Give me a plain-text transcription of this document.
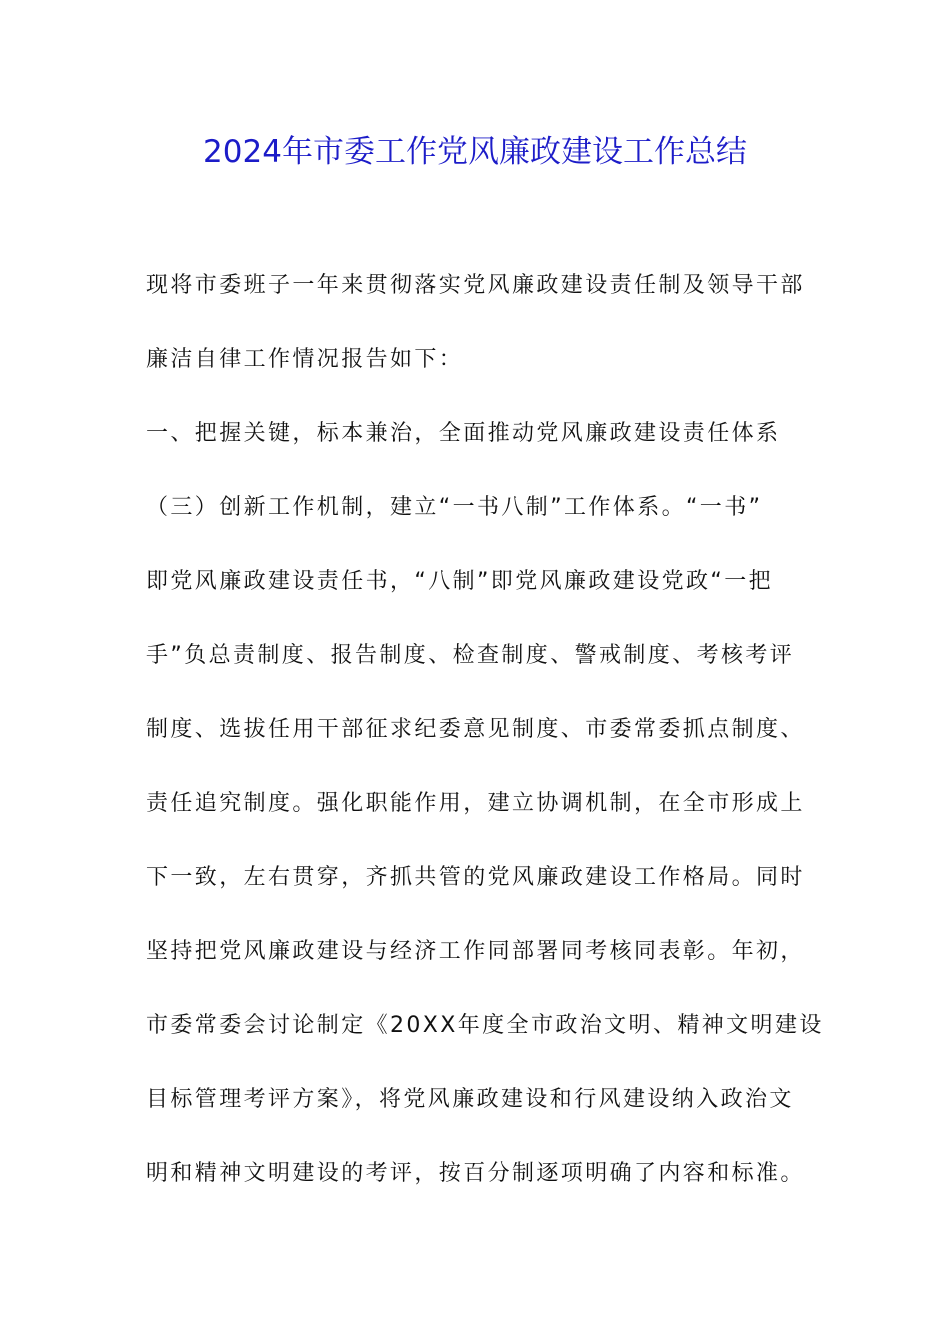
2024年市委工作党风廉政建设工作总结
现将市委班子一年来贯彻落实党风廉政建设责任制及领导干部
廉洁自律工作情况报告如下：
一、把握关键，标本兼治，全面推动党风廉政建设责任体系
（三）创新工作机制，建立“一书八制”工作体系。“一书”
即党风廉政建设责任书，“八制”即党风廉政建设党政“一把
手”负总责制度、报告制度、检查制度、警戒制度、考核考评
制度、选拔任用干部征求纪委意见制度、市委常委抓点制度、
责任追究制度。强化职能作用，建立协调机制，在全市形成上
下一致，左右贯穿，齐抓共管的党风廉政建设工作格局。同时
坚持把党风廉政建设与经济工作同部署同考核同表彰。年初，
市委常委会讨论制定《20XX年度全市政治文明、精神文明建设
目标管理考评方案》，将党风廉政建设和行风建设纳入政治文
明和精神文明建设的考评，按百分制逐项明确了内容和标准。
